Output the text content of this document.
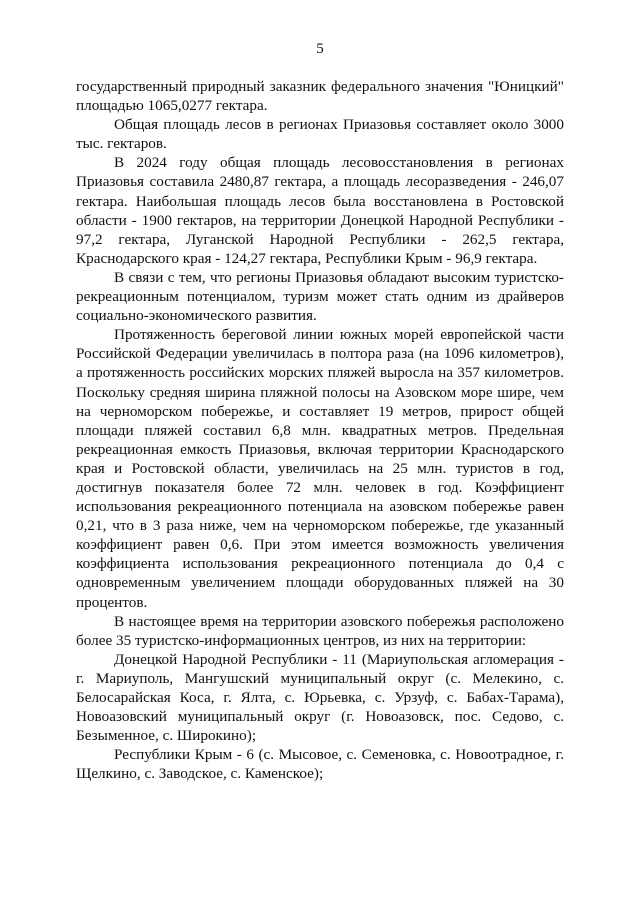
5

государственный природный заказник федерального значения "Юницкий" площадью 1065,0277 гектара.

Общая площадь лесов в регионах Приазовья составляет около 3000 тыс. гектаров.

В 2024 году общая площадь лесовосстановления в регионах Приазовья составила 2480,87 гектара, а площадь лесоразведения - 246,07 гектара. Наибольшая площадь лесов была восстановлена в Ростовской области - 1900 гектаров, на территории Донецкой Народной Республики - 97,2 гектара, Луганской Народной Республики - 262,5 гектара, Краснодарского края - 124,27 гектара, Республики Крым - 96,9 гектара.

В связи с тем, что регионы Приазовья обладают высоким туристско-рекреационным потенциалом, туризм может стать одним из драйверов социально-экономического развития.

Протяженность береговой линии южных морей европейской части Российской Федерации увеличилась в полтора раза (на 1096 километров), а протяженность российских морских пляжей выросла на 357 километров. Поскольку средняя ширина пляжной полосы на Азовском море шире, чем на черноморском побережье, и составляет 19 метров, прирост общей площади пляжей составил 6,8 млн. квадратных метров. Предельная рекреационная емкость Приазовья, включая территории Краснодарского края и Ростовской области, увеличилась на 25 млн. туристов в год, достигнув показателя более 72 млн. человек в год. Коэффициент использования рекреационного потенциала на азовском побережье равен 0,21, что в 3 раза ниже, чем на черноморском побережье, где указанный коэффициент равен 0,6. При этом имеется возможность увеличения коэффициента использования рекреационного потенциала до 0,4 с одновременным увеличением площади оборудованных пляжей на 30 процентов.

В настоящее время на территории азовского побережья расположено более 35 туристско-информационных центров, из них на территории:

Донецкой Народной Республики - 11 (Мариупольская агломерация - г. Мариуполь, Мангушский муниципальный округ (с. Мелекино, с. Белосарайская Коса, г. Ялта, с. Юрьевка, с. Урзуф, с. Бабах-Тарама), Новоазовский муниципальный округ (г. Новоазовск, пос. Седово, с. Безыменное, с. Широкино);

Республики Крым - 6 (с. Мысовое, с. Семеновка, с. Новоотрадное, г. Щелкино, с. Заводское, с. Каменское);
